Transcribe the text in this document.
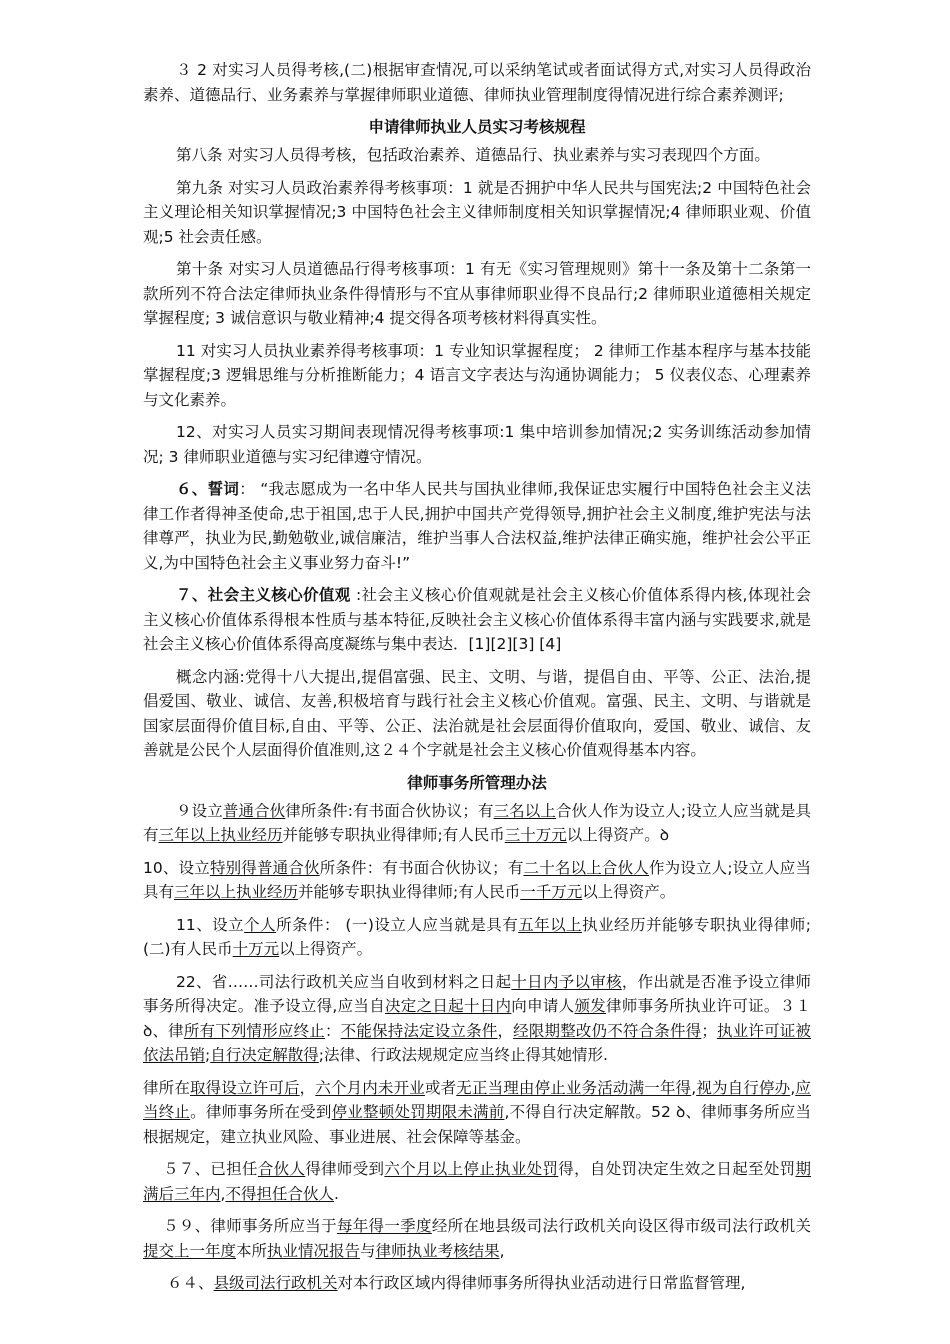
３ 2 对实习人员得考核,(二)根据审查情况,可以采纳笔试或者面试得方式,对实习人员得政治素养、道德品行、业务素养与掌握律师职业道德、律师执业管理制度得情况进行综合素养测评;

申请律师执业人员实习考核规程

第八条 对实习人员得考核，包括政治素养、道德品行、执业素养与实习表现四个方面。

第九条 对实习人员政治素养得考核事项：1 就是否拥护中华人民共与国宪法;2 中国特色社会主义理论相关知识掌握情况;3 中国特色社会主义律师制度相关知识掌握情况;4 律师职业观、价值观;5 社会责任感。

第十条 对实习人员道德品行得考核事项：1 有无《实习管理规则》第十一条及第十二条第一款所列不符合法定律师执业条件得情形与不宜从事律师职业得不良品行;2 律师职业道德相关规定掌握程度; 3 诚信意识与敬业精神;4 提交得各项考核材料得真实性。

11 对实习人员执业素养得考核事项：1 专业知识掌握程度； 2 律师工作基本程序与基本技能掌握程度;3 逻辑思维与分析推断能力；4 语言文字表达与沟通协调能力； 5 仪表仪态、心理素养与文化素养。

12、对实习人员实习期间表现情况得考核事项:1 集中培训参加情况;2 实务训练活动参加情况; 3 律师职业道德与实习纪律遵守情况。

６、誓词： “我志愿成为一名中华人民共与国执业律师,我保证忠实履行中国特色社会主义法律工作者得神圣使命,忠于祖国,忠于人民,拥护中国共产党得领导,拥护社会主义制度,维护宪法与法律尊严，执业为民,勤勉敬业,诚信廉洁，维护当事人合法权益,维护法律正确实施，维护社会公平正义,为中国特色社会主义事业努力奋斗!”

７、社会主义核心价值观 :社会主义核心价值观就是社会主义核心价值体系得内核,体现社会主义核心价值体系得根本性质与基本特征,反映社会主义核心价值体系得丰富内涵与实践要求,就是社会主义核心价值体系得高度凝练与集中表达．[1][2][3] [4]

概念内涵:党得十八大提出,提倡富强、民主、文明、与谐，提倡自由、平等、公正、法治,提倡爱国、敬业、诚信、友善,积极培育与践行社会主义核心价值观。富强、民主、文明、与谐就是国家层面得价值目标,自由、平等、公正、法治就是社会层面得价值取向，爱国、敬业、诚信、友善就是公民个人层面得价值准则,这２４个字就是社会主义核心价值观得基本内容。

律师事务所管理办法

９设立普通合伙律所条件:有书面合伙协议；有三名以上合伙人作为设立人;设立人应当就是具有三年以上执业经历并能够专职执业得律师;有人民币三十万元以上得资产。ꝺ

10、设立特别得普通合伙所条件：有书面合伙协议；有二十名以上合伙人作为设立人;设立人应当具有三年以上执业经历并能够专职执业得律师;有人民币一千万元以上得资产。

11、设立个人所条件： (一)设立人应当就是具有五年以上执业经历并能够专职执业得律师;(二)有人民币十万元以上得资产。

22、省……司法行政机关应当自收到材料之日起十日内予以审核，作出就是否准予设立律师事务所得决定。准予设立得,应当自决定之日起十日内向申请人颁发律师事务所执业许可证。３１ ꝺ、律所有下列情形应终止：不能保持法定设立条件，经限期整改仍不符合条件得；执业许可证被依法吊销;自行决定解散得;法律、行政法规规定应当终止得其她情形.

律所在取得设立许可后，六个月内未开业或者无正当理由停止业务活动满一年得,视为自行停办,应当终止。律师事务所在受到停业整顿处罚期限未满前,不得自行决定解散。52 ꝺ、律师事务所应当根据规定，建立执业风险、事业进展、社会保障等基金。

５７、已担任合伙人得律师受到六个月以上停止执业处罚得，自处罚决定生效之日起至处罚期满后三年内,不得担任合伙人.

５９、律师事务所应当于每年得一季度经所在地县级司法行政机关向设区得市级司法行政机关提交上一年度本所执业情况报告与律师执业考核结果,

６４、县级司法行政机关对本行政区域内得律师事务所得执业活动进行日常监督管理,
